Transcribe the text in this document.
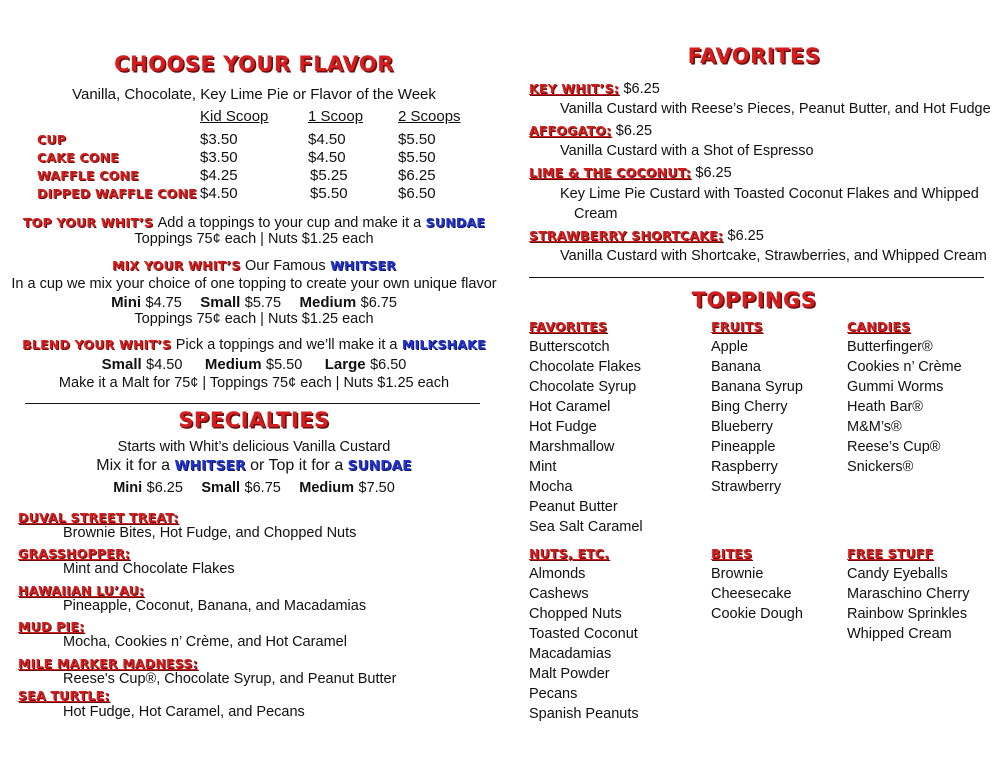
CHOOSE YOUR FLAVOR
Vanilla, Chocolate, Key Lime Pie or Flavor of the Week
Kid Scoop	1 Scoop 2 Scoops
CUP	$3.50	$4.50	$5.50
CAKE CONE	$3.50	$4.50	$5.50
WAFFLE CONE	$4.25	$5.25	$6.25
DIPPED WAFFLE CONE $4.50	$5.50	$6.50
TOP YOUR WHIT’S Add a toppings to your cup and make it a SUNDAE
Toppings 75¢ each | Nuts $1.25 each
MIX YOUR WHIT’S Our Famous WHITSER
In a cup we mix your choice of one topping to create your own unique flavor
Mini $4.75 Small $5.75 Medium $6.75
Toppings 75¢ each | Nuts $1.25 each
BLEND YOUR WHIT’S Pick a toppings and we’ll make it a MILKSHAKE
Small $4.50 Medium $5.50 Large $6.50
Make it a Malt for 75¢ | Toppings 75¢ each | Nuts $1.25 each
SPECIALTIES
Starts with Whit’s delicious Vanilla Custard
Mix it for a WHITSER or Top it for a SUNDAE
Mini $6.25 Small $6.75 Medium $7.50
DUVAL STREET TREAT:
Brownie Bites, Hot Fudge, and Chopped Nuts
GRASSHOPPER:
Mint and Chocolate Flakes
HAWAIIAN LU’AU:
Pineapple, Coconut, Banana, and Macadamias
MUD PIE:
Mocha, Cookies n’ Crème, and Hot Caramel
MILE MARKER MADNESS:
Reese's Cup®, Chocolate Syrup, and Peanut Butter
SEA TURTLE:
Hot Fudge, Hot Caramel, and Pecans
FAVORITES
KEY WHIT’S: $6.25
Vanilla Custard with Reese’s Pieces, Peanut Butter, and Hot Fudge
AFFOGATO: $6.25
Vanilla Custard with a Shot of Espresso
LIME & THE COCONUT: $6.25
Key Lime Pie Custard with Toasted Coconut Flakes and Whipped
Cream
STRAWBERRY SHORTCAKE: $6.25
Vanilla Custard with Shortcake, Strawberries, and Whipped Cream
TOPPINGS
FAVORITES
Butterscotch
Chocolate Flakes
Chocolate Syrup
Hot Caramel
Hot Fudge
Marshmallow
Mint
Mocha
Peanut Butter
Sea Salt Caramel
FRUITS
Apple
Banana
Banana Syrup
Bing Cherry
Blueberry
Pineapple
Raspberry
Strawberry
CANDIES
Butterfinger®
Cookies n’ Crème
Gummi Worms
Heath Bar®
M&M’s®
Reese’s Cup®
Snickers®
NUTS, ETC.
Almonds
Cashews
Chopped Nuts
Toasted Coconut
Macadamias
Malt Powder
Pecans
Spanish Peanuts
BITES
Brownie
Cheesecake
Cookie Dough
FREE STUFF
Candy Eyeballs
Maraschino Cherry
Rainbow Sprinkles
Whipped Cream
